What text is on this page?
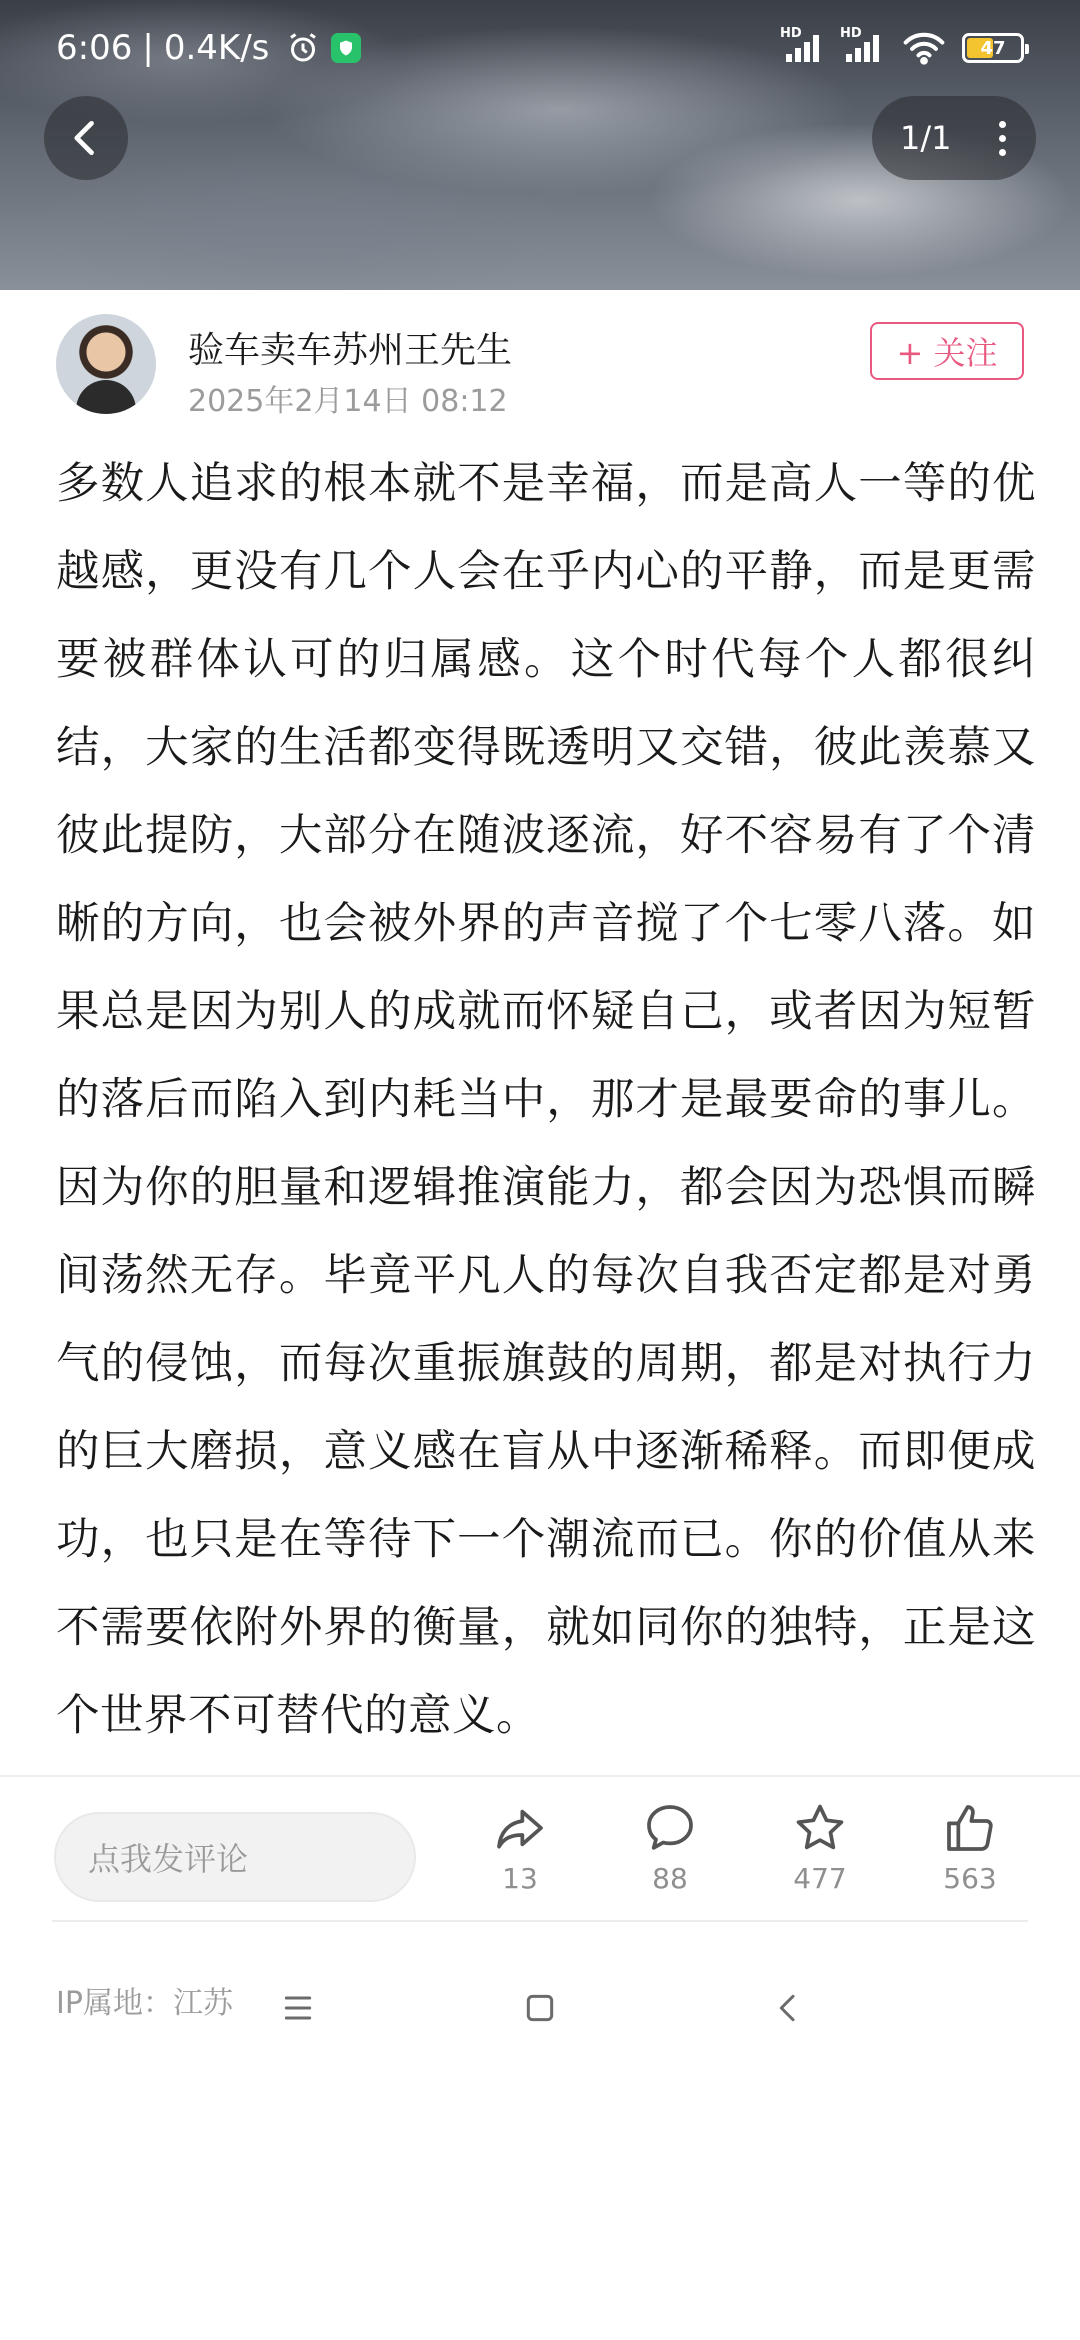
6:06 | 0.4K/s	HD	HD
47
1/1
验车卖车苏州王先生
2025年2月14日 08:12
+ 关注
多数人追求的根本就不是幸福，而是高人一等的优越感，更没有几个人会在乎内心的平静，而是更需要被群体认可的归属感。这个时代每个人都很纠结，大家的生活都变得既透明又交错，彼此羡慕又彼此提防，大部分在随波逐流，好不容易有了个清晰的方向，也会被外界的声音搅了个七零八落。如果总是因为别人的成就而怀疑自己，或者因为短暂的落后而陷入到内耗当中，那才是最要命的事儿。因为你的胆量和逻辑推演能力，都会因为恐惧而瞬间荡然无存。毕竟平凡人的每次自我否定都是对勇气的侵蚀，而每次重振旗鼓的周期，都是对执行力的巨大磨损，意义感在盲从中逐渐稀释。而即便成功，也只是在等待下一个潮流而已。你的价值从来不需要依附外界的衡量，就如同你的独特，正是这个世界不可替代的意义。
IP属地：江苏
点我发评论
13	88	477	563
